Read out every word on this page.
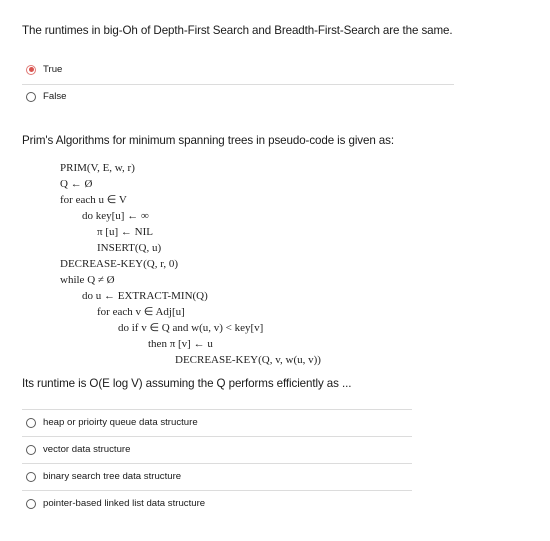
The runtimes in big-Oh of Depth-First Search and Breadth-First-Search are the same.
True
False
Prim's Algorithms for minimum spanning trees in pseudo-code is given as:
PRIM(V, E, w, r)
Q ← Ø
for each u ∈ V
do key[u] ← ∞
π [u] ← NIL
INSERT(Q, u)
DECREASE-KEY(Q, r, 0)
while Q ≠ Ø
do u ← EXTRACT-MIN(Q)
for each v ∈ Adj[u]
do if v ∈ Q and w(u, v) < key[v]
then π [v] ← u
DECREASE-KEY(Q, v, w(u, v))
Its runtime is O(E log V) assuming the Q performs efficiently as ...
heap or prioirty queue data structure
vector data structure
binary search tree data structure
pointer-based linked list data structure
